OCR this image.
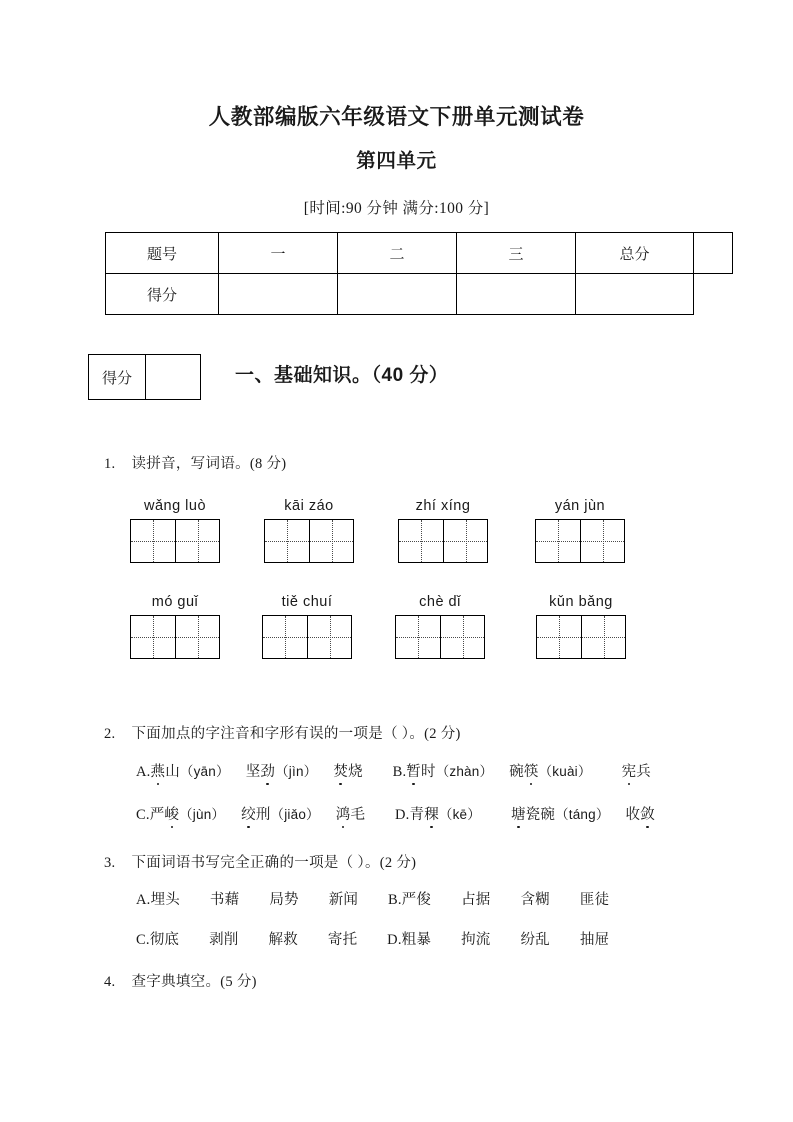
人教部编版六年级语文下册单元测试卷
第四单元
[时间:90 分钟 满分:100 分]
题号	一	二	三	总分	
得分					
得分		一、基础知识。（40 分）
1. 读拼音，写词语。(8 分)
wǎng luò	kāi záo	zhí xíng	yán jùn
mó guǐ	tiě chuí	chè dǐ	kǔn bǎng
2. 下面加点的字注音和字形有误的一项是（ ）。(2 分)
A.燕山（yān） 坚劲（jìn） 焚烧 B.暂时（zhàn） 碗筷（kuài） 宪兵
C.严峻（jùn） 绞刑（jiǎo） 鸿毛 D.青稞（kē） 塘瓷碗（táng） 收敛
3. 下面词语书写完全正确的一项是（ ）。(2 分)
A.埋头 书藉 局势 新闻 B.严俊 占据 含糊 匪徒
C.彻底 剥削 解救 寄托 D.粗暴 拘流 纷乱 抽屉
4. 查字典填空。(5 分)
